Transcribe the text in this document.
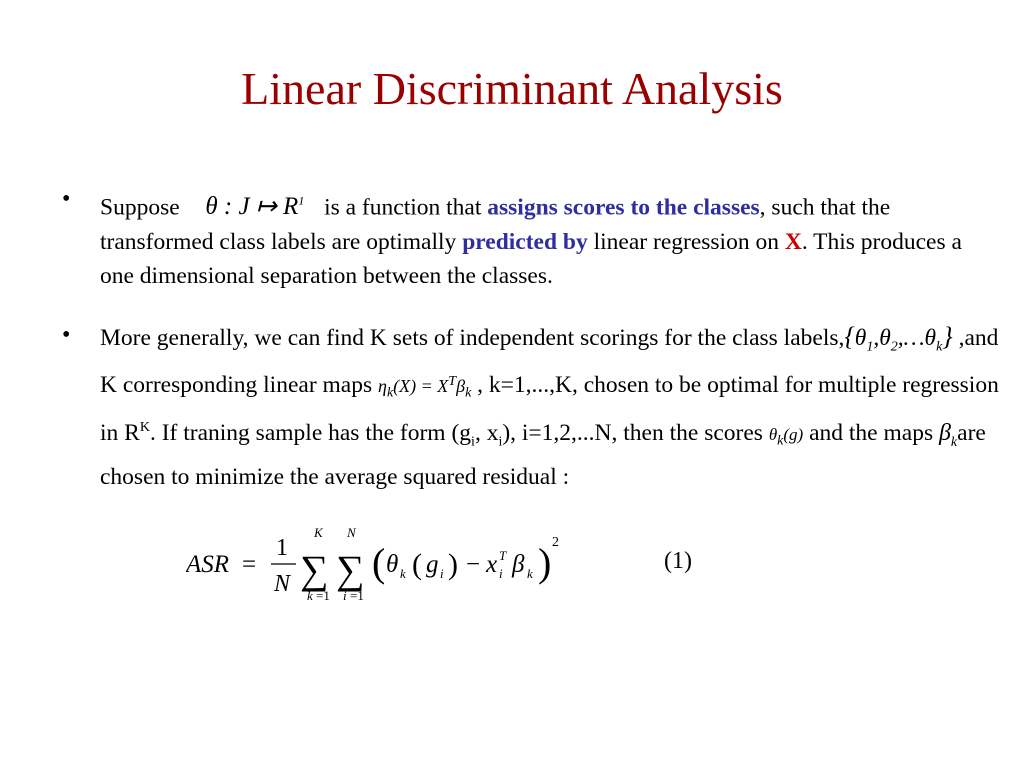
Linear Discriminant Analysis
• Suppose θ : J ↦ $R^1$ is a function that assigns scores to the classes, such that the transformed class labels are optimally predicted by linear regression on X. This produces a one dimensional separation between the classes.
• More generally, we can find K sets of independent scorings for the class $labels,\{\theta_1,\theta_2,\dots\theta_k\}$ ,and K corresponding linear maps $\eta_k(X) = X^T\beta_k$ , k=1,...,K, chosen to be optimal for multiple regression in $R^K$. If traning sample has the form ($g_i$, $x_i$), i=1,2,...N, then the scores $\theta_k(g)$ and the maps $\beta_kare$ chosen to minimize the average squared residual :
ASR =
1
N
K
∑
k =1
N
∑
i =1
( θ k ( g i ) − x T
i β k ) 2
(1)
